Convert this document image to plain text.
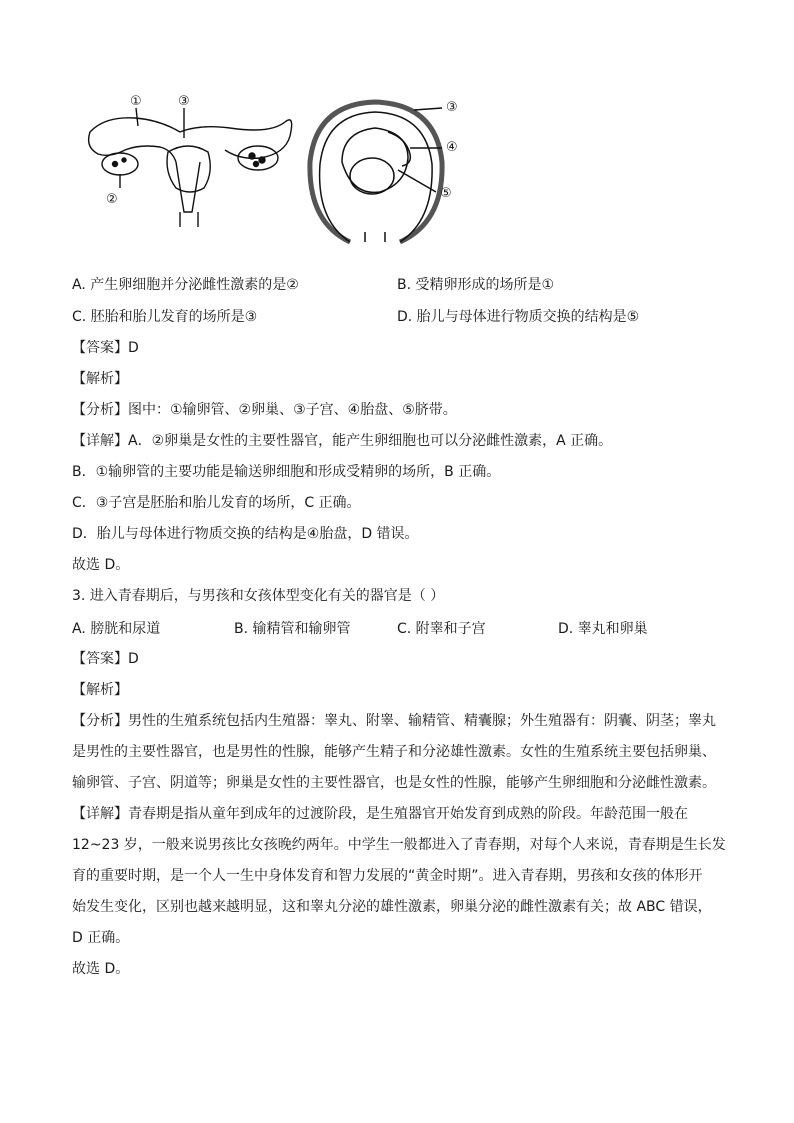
①	③
②
③
④
⑤
A. 产生卵细胞并分泌雌性激素的是②	B. 受精卵形成的场所是①
C. 胚胎和胎儿发育的场所是③	D. 胎儿与母体进行物质交换的结构是⑤
【答案】D
【解析】
【分析】图中：①输卵管、②卵巢、③子宫、④胎盘、⑤脐带。
【详解】A．②卵巢是女性的主要性器官，能产生卵细胞也可以分泌雌性激素，A 正确。
B．①输卵管的主要功能是输送卵细胞和形成受精卵的场所，B 正确。
C．③子宫是胚胎和胎儿发育的场所，C 正确。
D．胎儿与母体进行物质交换的结构是④胎盘，D 错误。
故选 D。
3. 进入青春期后，与男孩和女孩体型变化有关的器官是（ ）
A. 膀胱和尿道	B. 输精管和输卵管	C. 附睾和子宫	D. 睾丸和卵巢
【答案】D
【解析】
【分析】男性的生殖系统包括内生殖器：睾丸、附睾、输精管、精囊腺；外生殖器有：阴囊、阴茎；睾丸
是男性的主要性器官，也是男性的性腺，能够产生精子和分泌雄性激素。女性的生殖系统主要包括卵巢、
输卵管、子宫、阴道等；卵巢是女性的主要性器官，也是女性的性腺，能够产生卵细胞和分泌雌性激素。
【详解】青春期是指从童年到成年的过渡阶段，是生殖器官开始发育到成熟的阶段。年龄范围一般在
12~23 岁，一般来说男孩比女孩晚约两年。中学生一般都进入了青春期，对每个人来说，青春期是生长发
育的重要时期，是一个人一生中身体发育和智力发展的“黄金时期”。进入青春期，男孩和女孩的体形开
始发生变化，区别也越来越明显，这和睾丸分泌的雄性激素，卵巢分泌的雌性激素有关；故 ABC 错误，
D 正确。
故选 D。
